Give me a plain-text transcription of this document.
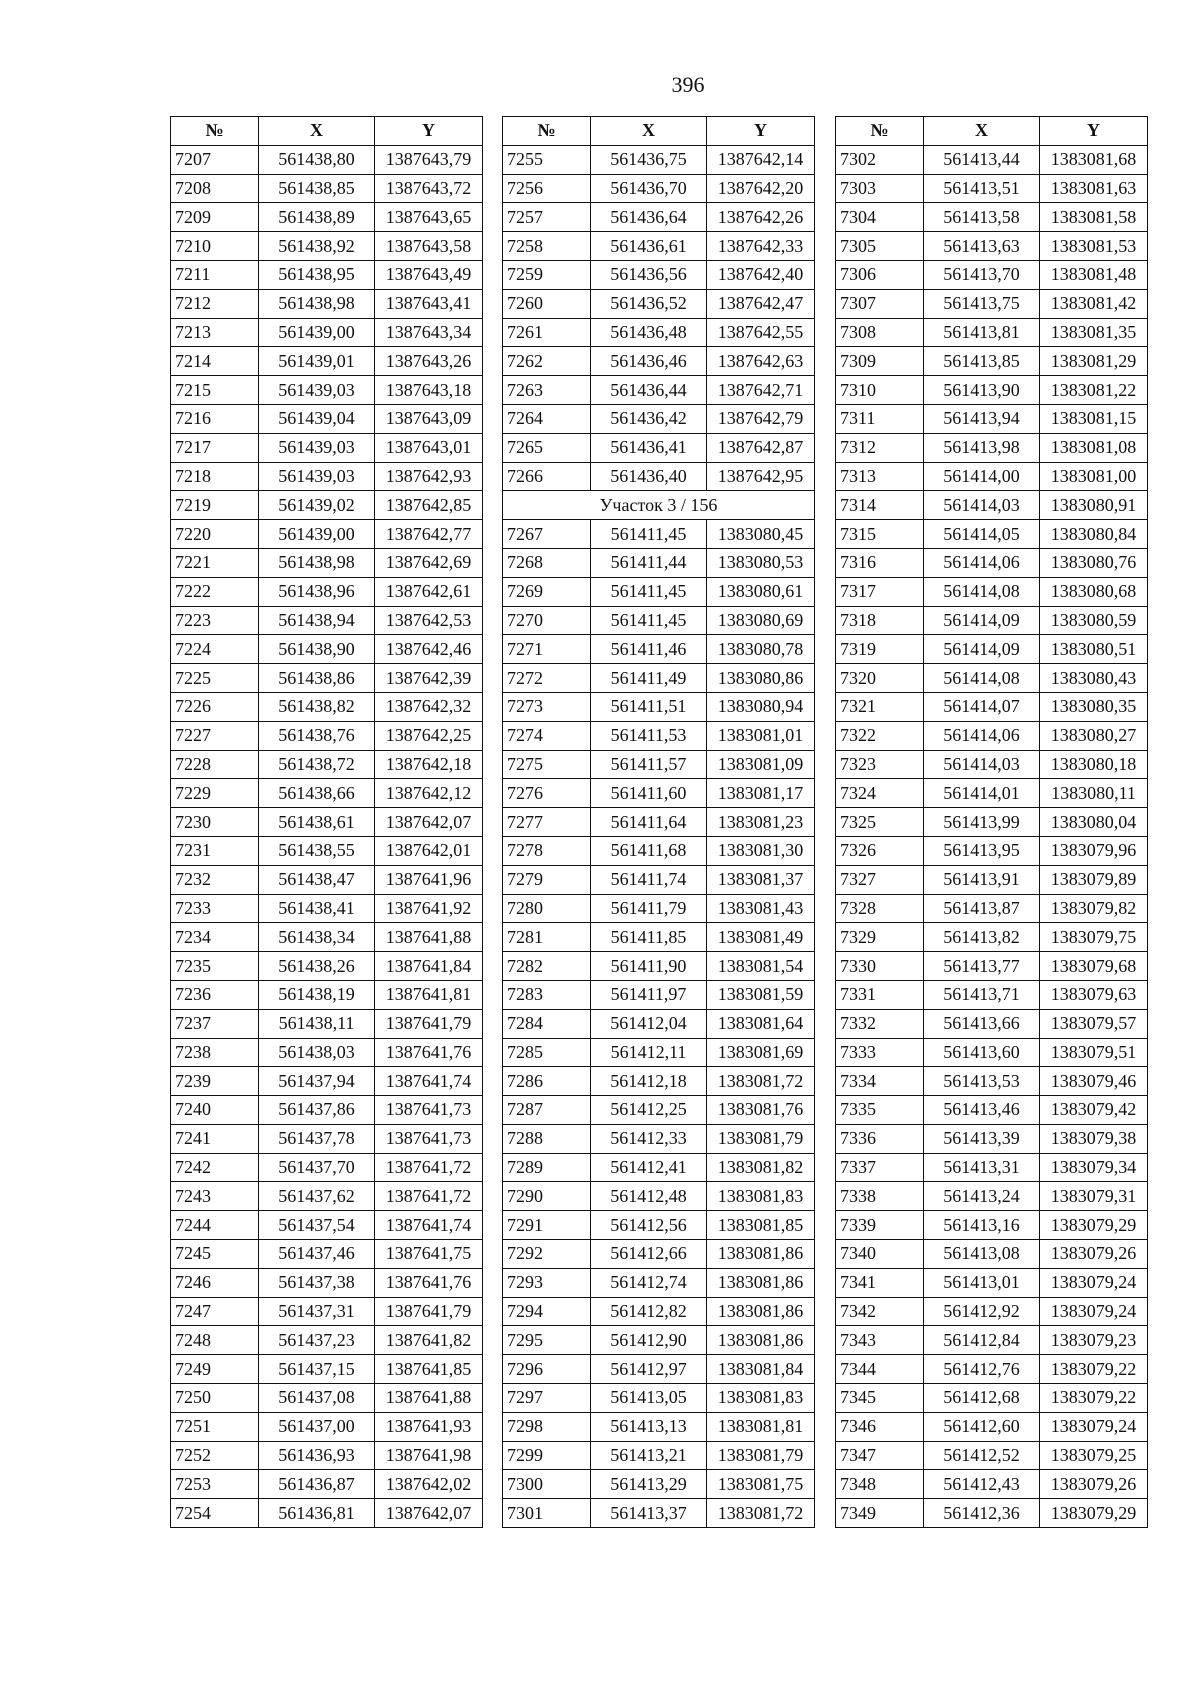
396
№	X	Y
7207	561438,80	1387643,79
7208	561438,85	1387643,72
7209	561438,89	1387643,65
7210	561438,92	1387643,58
7211	561438,95	1387643,49
7212	561438,98	1387643,41
7213	561439,00	1387643,34
7214	561439,01	1387643,26
7215	561439,03	1387643,18
7216	561439,04	1387643,09
7217	561439,03	1387643,01
7218	561439,03	1387642,93
7219	561439,02	1387642,85
7220	561439,00	1387642,77
7221	561438,98	1387642,69
7222	561438,96	1387642,61
7223	561438,94	1387642,53
7224	561438,90	1387642,46
7225	561438,86	1387642,39
7226	561438,82	1387642,32
7227	561438,76	1387642,25
7228	561438,72	1387642,18
7229	561438,66	1387642,12
7230	561438,61	1387642,07
7231	561438,55	1387642,01
7232	561438,47	1387641,96
7233	561438,41	1387641,92
7234	561438,34	1387641,88
7235	561438,26	1387641,84
7236	561438,19	1387641,81
7237	561438,11	1387641,79
7238	561438,03	1387641,76
7239	561437,94	1387641,74
7240	561437,86	1387641,73
7241	561437,78	1387641,73
7242	561437,70	1387641,72
7243	561437,62	1387641,72
7244	561437,54	1387641,74
7245	561437,46	1387641,75
7246	561437,38	1387641,76
7247	561437,31	1387641,79
7248	561437,23	1387641,82
7249	561437,15	1387641,85
7250	561437,08	1387641,88
7251	561437,00	1387641,93
7252	561436,93	1387641,98
7253	561436,87	1387642,02
7254	561436,81	1387642,07
№	X	Y
7255	561436,75	1387642,14
7256	561436,70	1387642,20
7257	561436,64	1387642,26
7258	561436,61	1387642,33
7259	561436,56	1387642,40
7260	561436,52	1387642,47
7261	561436,48	1387642,55
7262	561436,46	1387642,63
7263	561436,44	1387642,71
7264	561436,42	1387642,79
7265	561436,41	1387642,87
7266	561436,40	1387642,95
Участок 3 / 156		
7267	561411,45	1383080,45
7268	561411,44	1383080,53
7269	561411,45	1383080,61
7270	561411,45	1383080,69
7271	561411,46	1383080,78
7272	561411,49	1383080,86
7273	561411,51	1383080,94
7274	561411,53	1383081,01
7275	561411,57	1383081,09
7276	561411,60	1383081,17
7277	561411,64	1383081,23
7278	561411,68	1383081,30
7279	561411,74	1383081,37
7280	561411,79	1383081,43
7281	561411,85	1383081,49
7282	561411,90	1383081,54
7283	561411,97	1383081,59
7284	561412,04	1383081,64
7285	561412,11	1383081,69
7286	561412,18	1383081,72
7287	561412,25	1383081,76
7288	561412,33	1383081,79
7289	561412,41	1383081,82
7290	561412,48	1383081,83
7291	561412,56	1383081,85
7292	561412,66	1383081,86
7293	561412,74	1383081,86
7294	561412,82	1383081,86
7295	561412,90	1383081,86
7296	561412,97	1383081,84
7297	561413,05	1383081,83
7298	561413,13	1383081,81
7299	561413,21	1383081,79
7300	561413,29	1383081,75
7301	561413,37	1383081,72
№	X	Y
7302	561413,44	1383081,68
7303	561413,51	1383081,63
7304	561413,58	1383081,58
7305	561413,63	1383081,53
7306	561413,70	1383081,48
7307	561413,75	1383081,42
7308	561413,81	1383081,35
7309	561413,85	1383081,29
7310	561413,90	1383081,22
7311	561413,94	1383081,15
7312	561413,98	1383081,08
7313	561414,00	1383081,00
7314	561414,03	1383080,91
7315	561414,05	1383080,84
7316	561414,06	1383080,76
7317	561414,08	1383080,68
7318	561414,09	1383080,59
7319	561414,09	1383080,51
7320	561414,08	1383080,43
7321	561414,07	1383080,35
7322	561414,06	1383080,27
7323	561414,03	1383080,18
7324	561414,01	1383080,11
7325	561413,99	1383080,04
7326	561413,95	1383079,96
7327	561413,91	1383079,89
7328	561413,87	1383079,82
7329	561413,82	1383079,75
7330	561413,77	1383079,68
7331	561413,71	1383079,63
7332	561413,66	1383079,57
7333	561413,60	1383079,51
7334	561413,53	1383079,46
7335	561413,46	1383079,42
7336	561413,39	1383079,38
7337	561413,31	1383079,34
7338	561413,24	1383079,31
7339	561413,16	1383079,29
7340	561413,08	1383079,26
7341	561413,01	1383079,24
7342	561412,92	1383079,24
7343	561412,84	1383079,23
7344	561412,76	1383079,22
7345	561412,68	1383079,22
7346	561412,60	1383079,24
7347	561412,52	1383079,25
7348	561412,43	1383079,26
7349	561412,36	1383079,29
